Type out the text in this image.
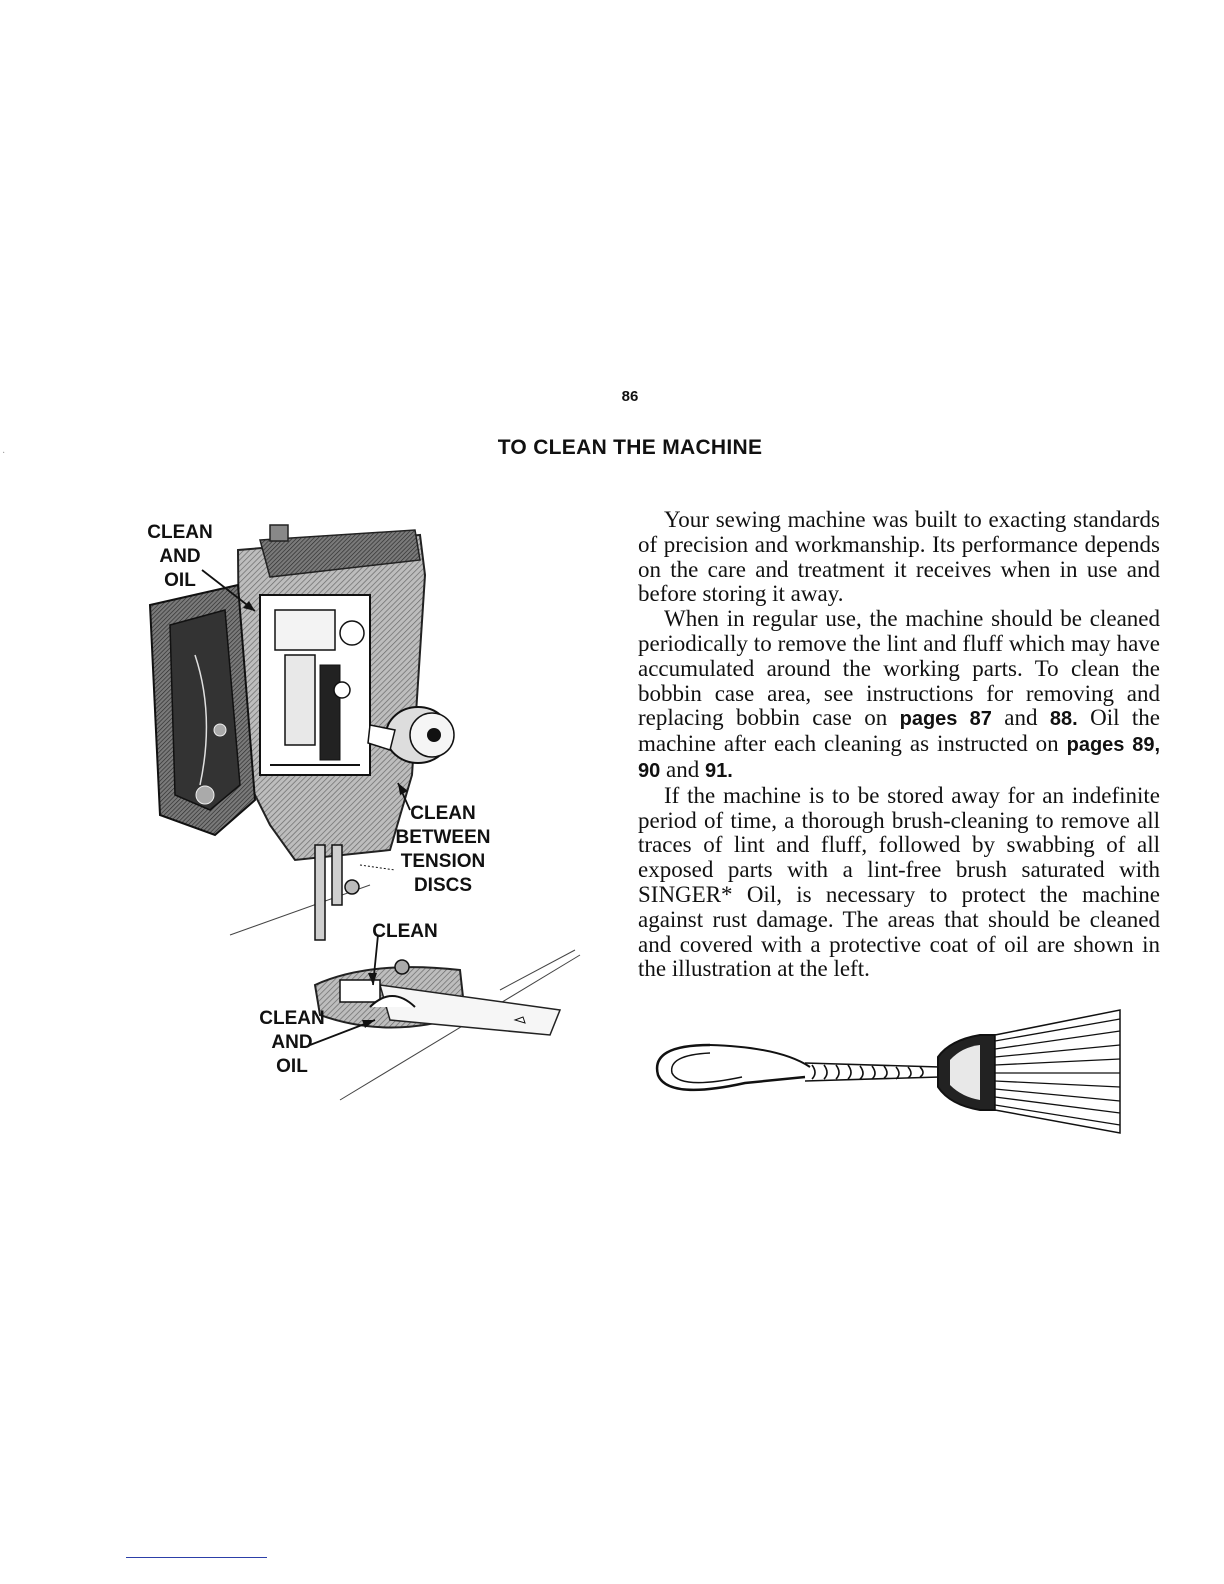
·
86
TO CLEAN THE MACHINE
CLEAN
AND
OIL
CLEAN
BETWEEN
TENSION
DISCS
CLEAN
CLEAN
AND
OIL

Your sewing machine was built to exacting standards of precision and workmanship. Its performance depends on the care and treatment it receives when in use and before storing it away.

When in regular use, the machine should be cleaned periodically to remove the lint and fluff which may have accumulated around the working parts. To clean the bobbin case area, see instructions for removing and replacing bobbin case on pages 87 and 88. Oil the machine after each cleaning as instructed on pages 89, 90 and 91.

If the machine is to be stored away for an indefinite period of time, a thorough brush-cleaning to remove all traces of lint and fluff, followed by swabbing of all exposed parts with a lint-free brush saturated with SINGER* Oil, is necessary to protect the machine against rust damage. The areas that should be cleaned and covered with a protective coat of oil are shown in the illustration at the left.
